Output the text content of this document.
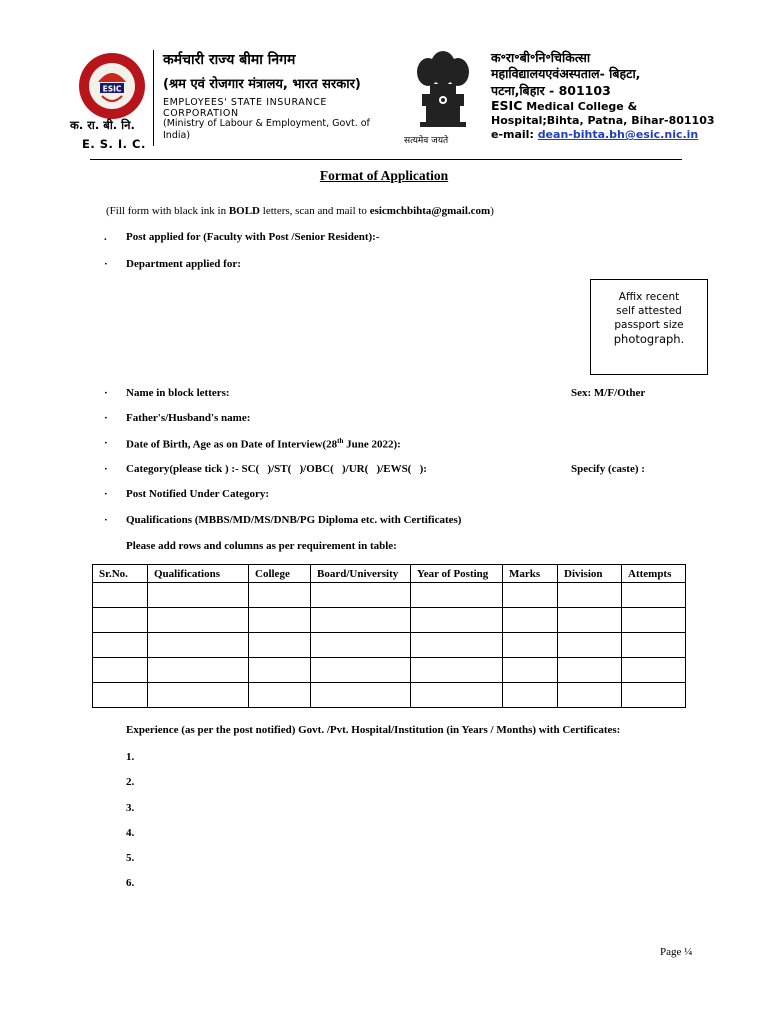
ESIC
क. रा. बी. नि.
E. S. I. C.
कर्मचारी राज्य बीमा निगम
(श्रम एवं रोजगार मंत्रालय, भारत सरकार)
EMPLOYEES' STATE INSURANCE
CORPORATION
(Ministry of Labour & Employment, Govt. of India)	सत्यमेव जयते
क॰रा॰बी॰नि॰चिकित्सा
महाविद्यालयएवंअस्पताल- बिहटा,
पटना,बिहार - 801103
ESIC Medical College &
Hospital;Bihta, Patna, Bihar-801103
e-mail: dean-bihta.bh@esic.nic.in
Format of Application
(Fill form with black ink in BOLD letters, scan and mail to esicmchbihta@gmail.com)
. Post applied for (Faculty with Post /Senior Resident):-
· Department applied for:
Affix recent
self attested
passport size
photograph.
· Name in block letters:	Sex: M/F/Other
· Father's/Husband's name:
· Date of Birth, Age as on Date of Interview(28th June 2022):
· Category(please tick ) :- SC(   )/ST(   )/OBC(   )/UR(   )/EWS(   ):	Specify (caste) :
· Post Notified Under Category:
· Qualifications (MBBS/MD/MS/DNB/PG Diploma etc. with Certificates)
Please add rows and columns as per requirement in table:
Sr.No.	Qualifications	College	Board/University	Year of Posting	Marks	Division	Attempts

Experience (as per the post notified) Govt. /Pvt. Hospital/Institution (in Years / Months) with Certificates:
1.
2.
3.
4.
5.
6.
Page ¼
